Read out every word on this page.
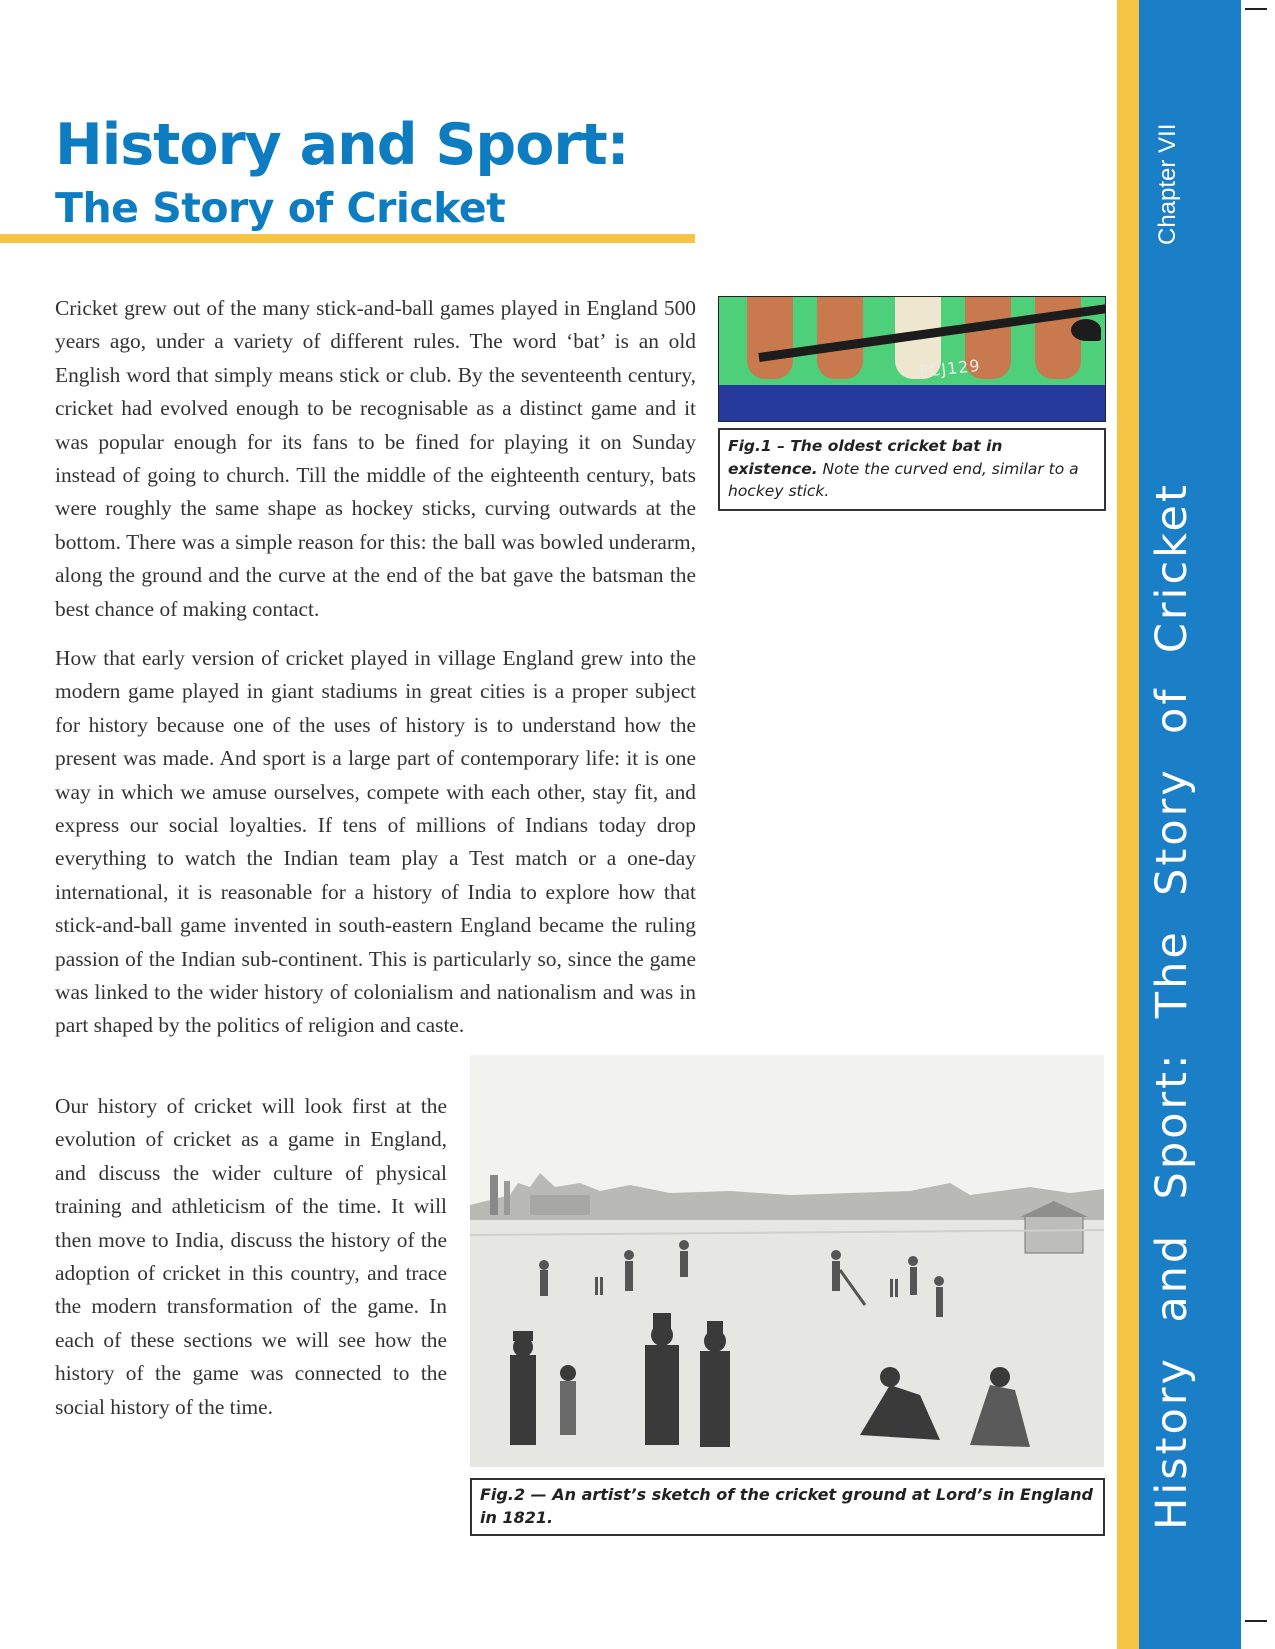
History and Sport:
The Story of Cricket

Cricket grew out of the many stick-and-ball games played in England 500 years ago, under a variety of different rules. The word ‘bat’ is an old English word that simply means stick or club. By the seventeenth century, cricket had evolved enough to be recognisable as a distinct game and it was popular enough for its fans to be fined for playing it on Sunday instead of going to church. Till the middle of the eighteenth century, bats were roughly the same shape as hockey sticks, curving outwards at the bottom. There was a simple reason for this: the ball was bowled underarm, along the ground and the curve at the end of the bat gave the batsman the best chance of making contact.

How that early version of cricket played in village England grew into the modern game played in giant stadiums in great cities is a proper subject for history because one of the uses of history is to understand how the present was made. And sport is a large part of contemporary life: it is one way in which we amuse ourselves, compete with each other, stay fit, and express our social loyalties. If tens of millions of Indians today drop everything to watch the Indian team play a Test match or a one-day international, it is reasonable for a history of India to explore how that stick-and-ball game invented in south-eastern England became the ruling passion of the Indian sub-continent. This is particularly so, since the game was linked to the wider history of colonialism and nationalism and was in part shaped by the politics of religion and caste.

Our history of cricket will look first at the evolution of cricket as a game in England, and discuss the wider culture of physical training and athleticism of the time. It will then move to India, discuss the history of the adoption of cricket in this country, and trace the modern transformation of the game. In each of these sections we will see how the history of the game was connected to the social history of the time.

FCJ129
Fig.1 – The oldest cricket bat in existence. Note the curved end, similar to a hockey stick.
Fig.2 — An artist’s sketch of the cricket ground at Lord’s in England in 1821.
Chapter VII
History  and  Sport:  The  Story  of  Cricket
